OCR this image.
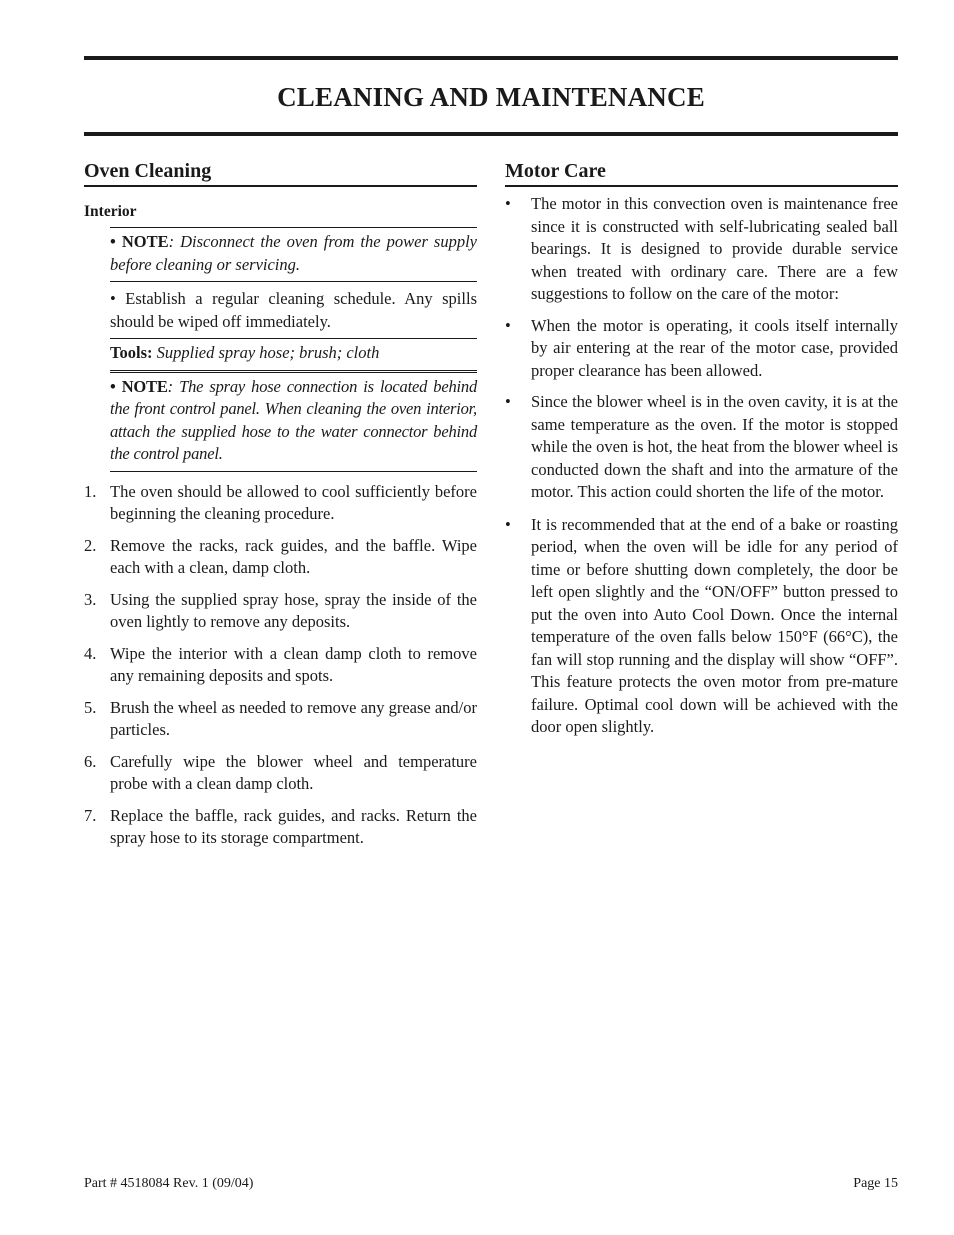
CLEANING AND MAINTENANCE
Oven Cleaning
Interior
• NOTE: Disconnect the oven from the power supply before cleaning or servicing.
• Establish a regular cleaning schedule. Any spills should be wiped off immediately.
Tools: Supplied spray hose; brush; cloth
• NOTE: The spray hose connection is located behind the front control panel. When cleaning the oven interior, attach the supplied hose to the water connector behind the control panel.
1. The oven should be allowed to cool sufficiently before beginning the cleaning procedure.
2. Remove the racks, rack guides, and the baffle. Wipe each with a clean, damp cloth.
3. Using the supplied spray hose, spray the inside of the oven lightly to remove any deposits.
4. Wipe the interior with a clean damp cloth to remove any remaining deposits and spots.
5. Brush the wheel as needed to remove any grease and/or particles.
6. Carefully wipe the blower wheel and temperature probe with a clean damp cloth.
7. Replace the baffle, rack guides, and racks. Return the spray hose to its storage compartment.
Motor Care
• The motor in this convection oven is maintenance free since it is constructed with self-lubricating sealed ball bearings. It is designed to provide durable service when treated with ordinary care. There are a few suggestions to follow on the care of the motor:
• When the motor is operating, it cools itself internally by air entering at the rear of the motor case, provided proper clearance has been allowed.
• Since the blower wheel is in the oven cavity, it is at the same temperature as the oven. If the motor is stopped while the oven is hot, the heat from the blower wheel is conducted down the shaft and into the armature of the motor. This action could shorten the life of the motor.
• It is recommended that at the end of a bake or roasting period, when the oven will be idle for any period of time or before shutting down completely, the door be left open slightly and the “ON/OFF” button pressed to put the oven into Auto Cool Down. Once the internal temperature of the oven falls below 150°F (66°C), the fan will stop running and the display will show “OFF”. This feature protects the oven motor from pre-mature failure. Optimal cool down will be achieved with the door open slightly.
Part # 4518084 Rev. 1 (09/04)	Page 15
